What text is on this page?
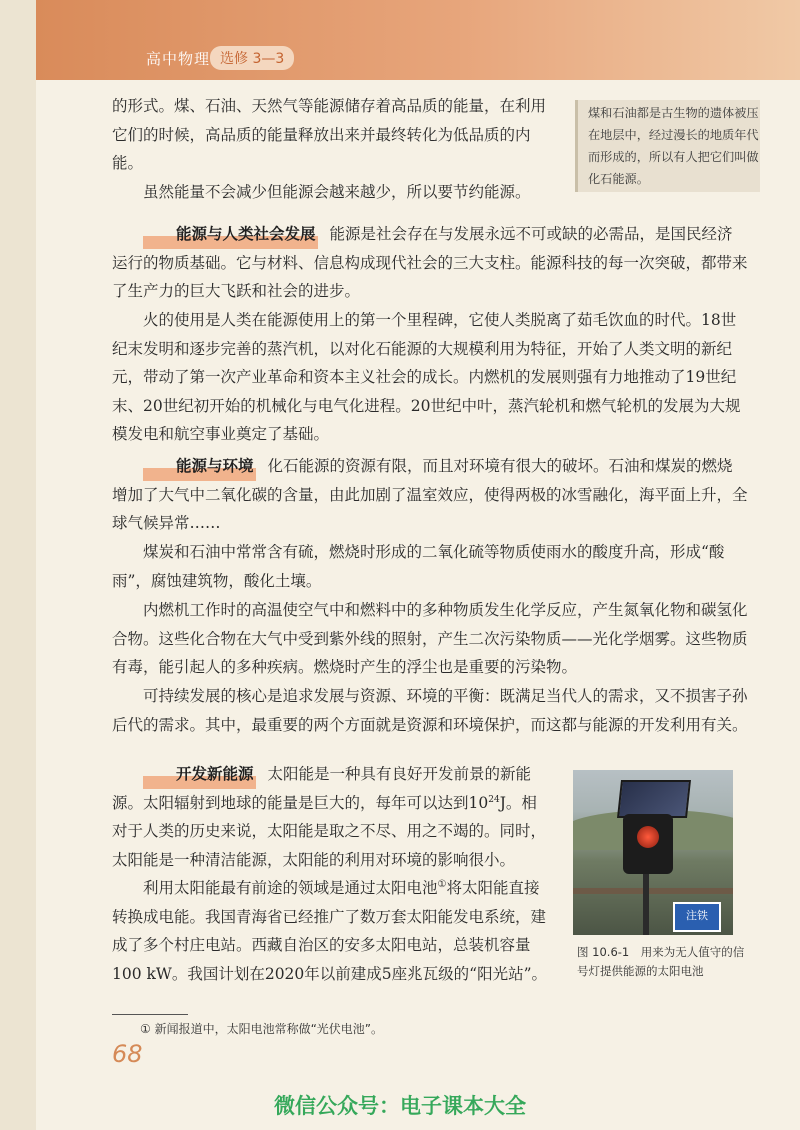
高中物理 选修 3—3
煤和石油都是古生物的遗体被压在地层中，经过漫长的地质年代而形成的，所以有人把它们叫做化石能源。

的形式。煤、石油、天然气等能源储存着高品质的能量，在利用它们的时候，高品质的能量释放出来并最终转化为低品质的内能。

虽然能量不会减少但能源会越来越少，所以要节约能源。

能源与人类社会发展 能源是社会存在与发展永远不可或缺的必需品，是国民经济运行的物质基础。它与材料、信息构成现代社会的三大支柱。能源科技的每一次突破，都带来了生产力的巨大飞跃和社会的进步。

火的使用是人类在能源使用上的第一个里程碑，它使人类脱离了茹毛饮血的时代。18世纪末发明和逐步完善的蒸汽机，以对化石能源的大规模利用为特征，开始了人类文明的新纪元，带动了第一次产业革命和资本主义社会的成长。内燃机的发展则强有力地推动了19世纪末、20世纪初开始的机械化与电气化进程。20世纪中叶，蒸汽轮机和燃气轮机的发展为大规模发电和航空事业奠定了基础。

能源与环境 化石能源的资源有限，而且对环境有很大的破坏。石油和煤炭的燃烧增加了大气中二氧化碳的含量，由此加剧了温室效应，使得两极的冰雪融化，海平面上升，全球气候异常……

煤炭和石油中常常含有硫，燃烧时形成的二氧化硫等物质使雨水的酸度升高，形成“酸雨”，腐蚀建筑物，酸化土壤。

内燃机工作时的高温使空气中和燃料中的多种物质发生化学反应，产生氮氧化物和碳氢化合物。这些化合物在大气中受到紫外线的照射，产生二次污染物质——光化学烟雾。这些物质有毒，能引起人的多种疾病。燃烧时产生的浮尘也是重要的污染物。

可持续发展的核心是追求发展与资源、环境的平衡：既满足当代人的需求，又不损害子孙后代的需求。其中，最重要的两个方面就是资源和环境保护，而这都与能源的开发利用有关。

开发新能源 太阳能是一种具有良好开发前景的新能源。太阳辐射到地球的能量是巨大的，每年可以达到$10^{24}J$。相对于人类的历史来说，太阳能是取之不尽、用之不竭的。同时，太阳能是一种清洁能源，太阳能的利用对环境的影响很小。

利用太阳能最有前途的领域是通过太阳电池①将太阳能直接转换成电能。我国青海省已经推广了数万套太阳能发电系统，建成了多个村庄电站。西藏自治区的安多太阳电站，总装机容量100 kW。我国计划在2020年以前建成5座兆瓦级的“阳光站”。

注铁
图 10.6-1　用来为无人值守的信号灯提供能源的太阳电池
① 新闻报道中，太阳电池常称做“光伏电池”。
68
微信公众号：电子课本大全
